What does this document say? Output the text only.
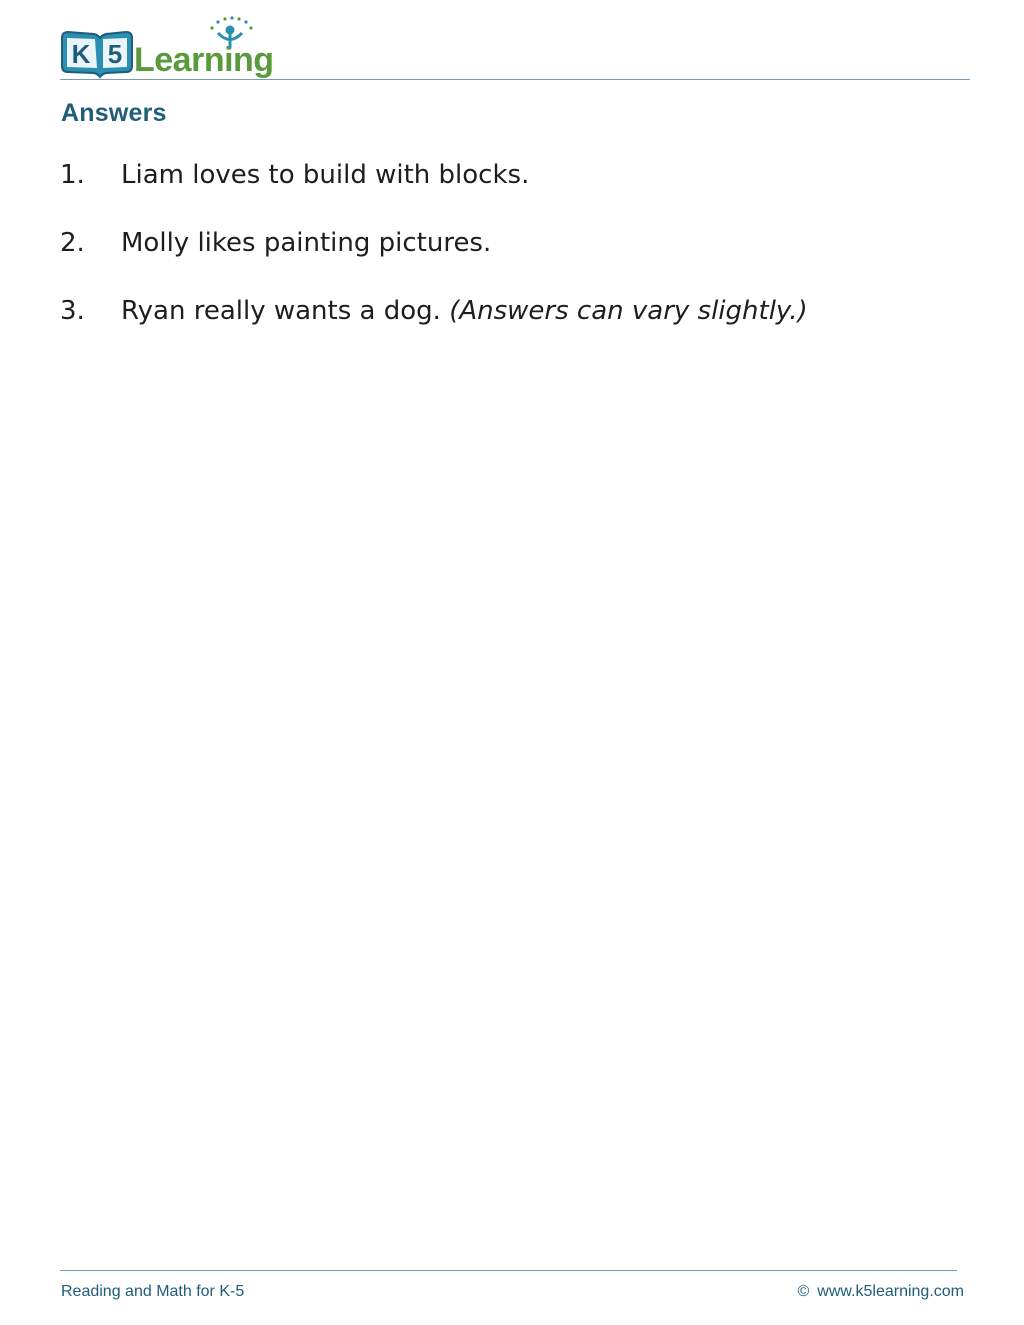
K 5 Learning
Answers
1. Liam loves to build with blocks.
2. Molly likes painting pictures.
3. Ryan really wants a dog. (Answers can vary slightly.)
Reading and Math for K-5	© www.k5learning.com
